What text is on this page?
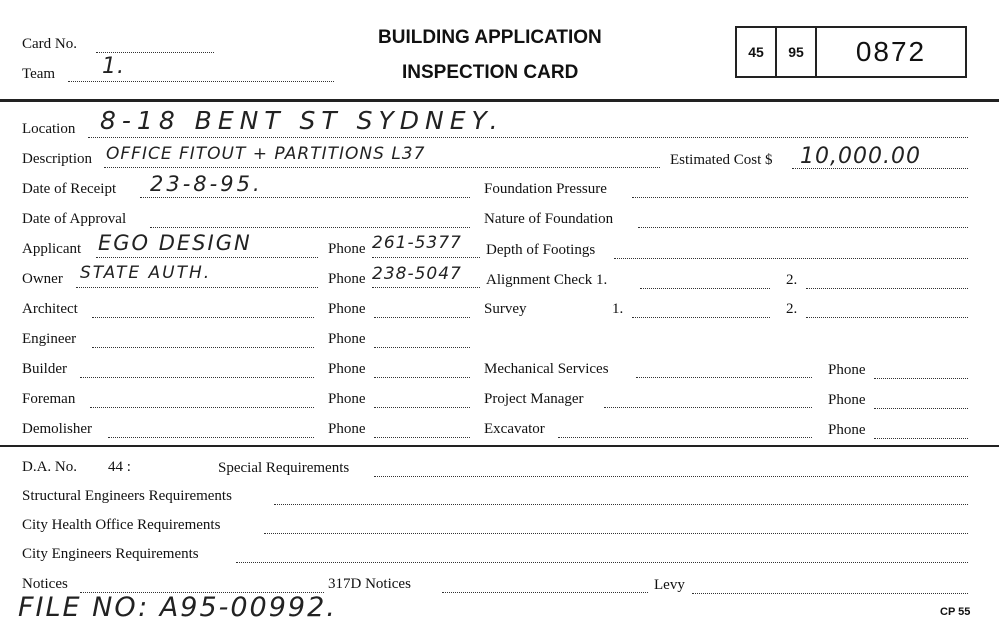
Card No.
Team 1.
BUILDING APPLICATION
INSPECTION CARD
45	95	0872
Location 8-18 BENT ST SYDNEY.
Description OFFICE FITOUT + PARTITIONS L37	Estimated Cost $ 10,000.00
Date of Receipt 23-8-95.	Foundation Pressure
Date of Approval	Nature of Foundation
Applicant EGO DESIGN	Phone 261-5377 Depth of Footings
Owner STATE AUTH.	Phone 238-5047 Alignment Check 1.	2.
Architect	Phone	Survey	1.	2.
Engineer	Phone
Builder	Phone	Mechanical Services	Phone
Foreman	Phone	Project Manager	Phone
Demolisher	Phone	Excavator	Phone
D.A. No. 44 :	Special Requirements
Structural Engineers Requirements
City Health Office Requirements
City Engineers Requirements
Notices	317D Notices	Levy
FILE NO: A95-00992.	CP 55
